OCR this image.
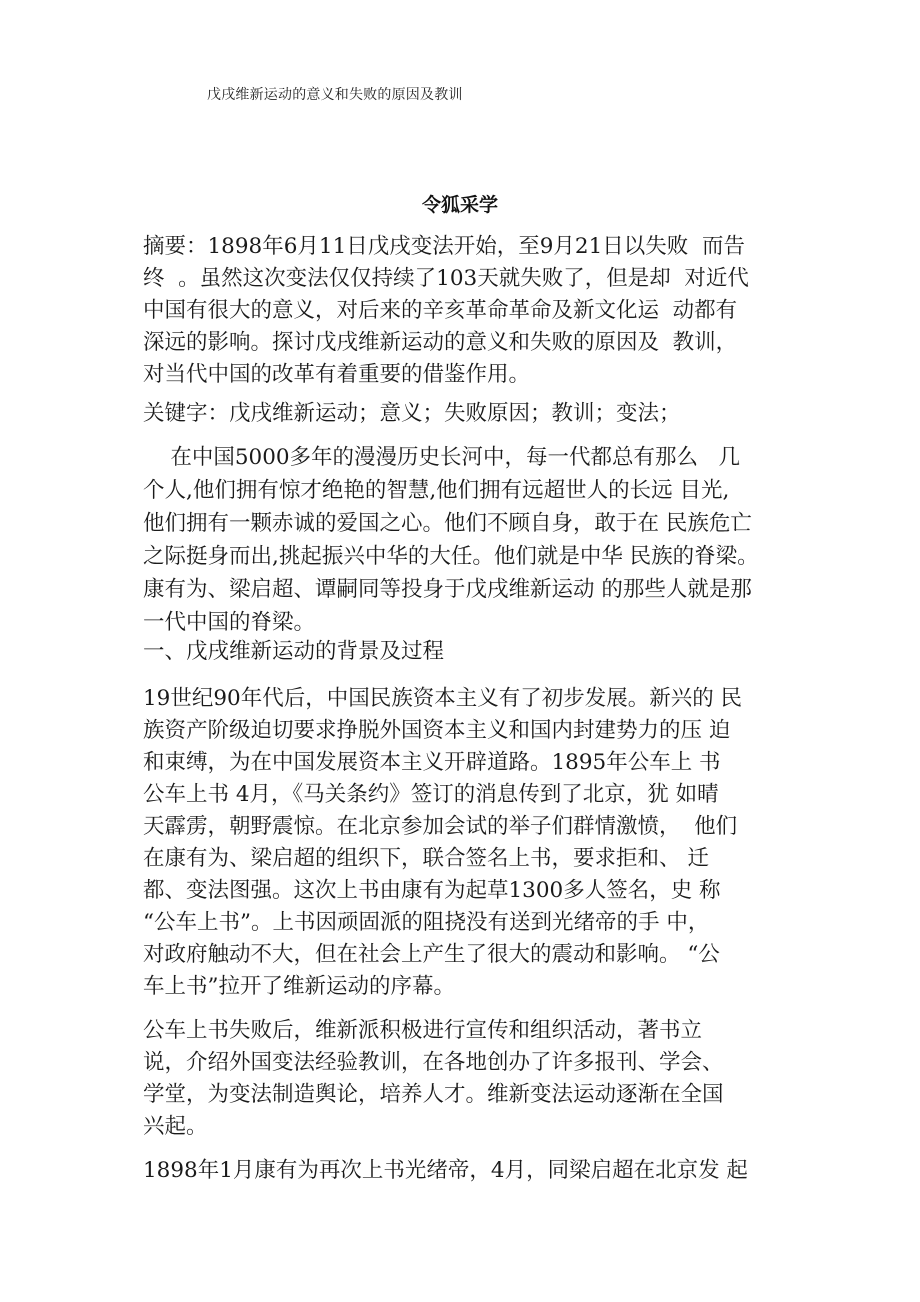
戊戌维新运动的意义和失败的原因及教训
令狐采学
摘要：1898年6月11日戊戌变法开始，至9月21日以失败  而告
终  。虽然这次变法仅仅持续了103天就失败了，但是却  对近代
中国有很大的意义，对后来的辛亥革命革命及新文化运  动都有
深远的影响。探讨戊戌维新运动的意义和失败的原因及  教训，
对当代中国的改革有着重要的借鉴作用。
关键字：戊戌维新运动；意义；失败原因；教训；变法；
在中国5000多年的漫漫历史长河中，每一代都总有那么   几
个人,他们拥有惊才绝艳的智慧,他们拥有远超世人的长远 目光,
他们拥有一颗赤诚的爱国之心。他们不顾自身，敢于在 民族危亡
之际挺身而出,挑起振兴中华的大任。他们就是中华 民族的脊梁。
康有为、梁启超、谭嗣同等投身于戊戌维新运动 的那些人就是那
一代中国的脊梁。
一、戊戌维新运动的背景及过程
19世纪90年代后，中国民族资本主义有了初步发展。新兴的 民
族资产阶级迫切要求挣脱外国资本主义和国内封建势力的压 迫
和束缚，为在中国发展资本主义开辟道路。1895年公车上 书
公车上书 4月，《马关条约》签订的消息传到了北京，犹 如晴
天霹雳，朝野震惊。在北京参加会试的举子们群情激愤，  他们
在康有为、梁启超的组织下，联合签名上书，要求拒和、 迁
都、变法图强。这次上书由康有为起草1300多人签名，史 称
“公车上书”。上书因顽固派的阻挠没有送到光绪帝的手 中，
对政府触动不大，但在社会上产生了很大的震动和影响。 “公
车上书”拉开了维新运动的序幕。
公车上书失败后，维新派积极进行宣传和组织活动，著书立
说，介绍外国变法经验教训，在各地创办了许多报刊、学会、
学堂，为变法制造舆论，培养人才。维新变法运动逐渐在全国
兴起。
1898年1月康有为再次上书光绪帝，4月，同梁启超在北京发 起
